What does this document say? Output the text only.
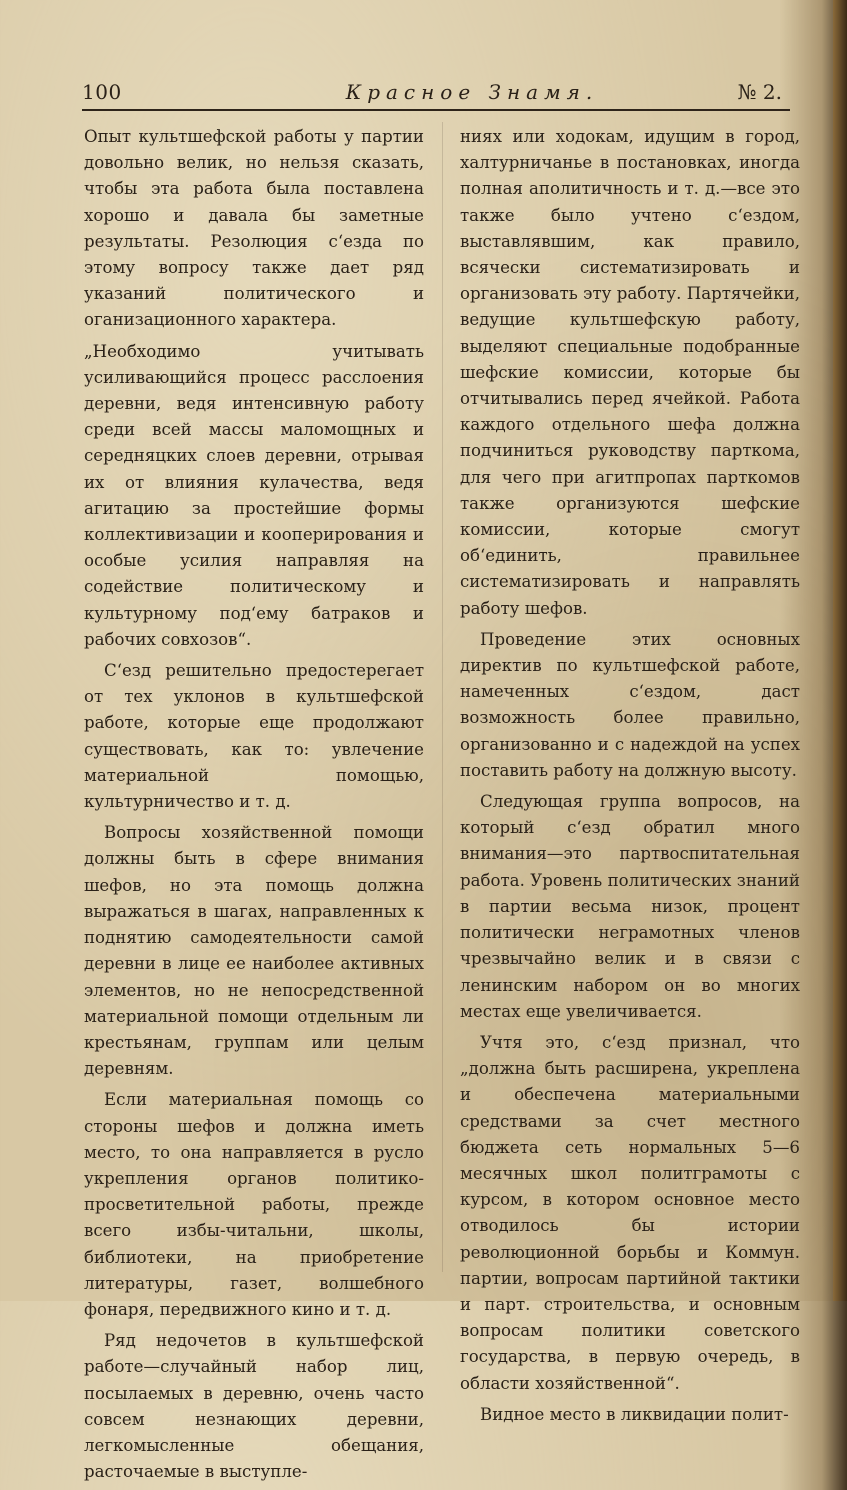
100	Красное Знамя.	№ 2.

Опыт культшефской работы у партии довольно велик, но нельзя сказать, чтобы эта работа была поставлена хорошо и давала бы заметные результаты. Резолюция с‘езда по этому вопросу также дает ряд указаний политического и оганизационного характера.

„Необходимо учитывать усиливающийся процесс расслоения деревни, ведя интенсивную работу среди всей массы маломощных и середняцких слоев деревни, отрывая их от влияния кулачества, ведя агитацию за простейшие формы коллективизации и кооперирования и особые усилия направляя на содействие политическому и культурному под‘ему батраков и рабочих совхозов“.

С‘езд решительно предостерегает от тех уклонов в культшефской работе, которые еще продолжают существовать, как то: увлечение материальной помощью, культурничество и т. д.

Вопросы хозяйственной помощи должны быть в сфере внимания шефов, но эта помощь должна выражаться в шагах, направленных к поднятию самодеятельности самой деревни в лице ее наиболее активных элементов, но не непосредственной материальной помощи отдельным ли крестьянам, группам или целым деревням.

Если материальная помощь со стороны шефов и должна иметь место, то она направляется в русло укрепления органов политико-просветительной работы, прежде всего избы-читальни, школы, библиотеки, на приобретение литературы, газет, волшебного фонаря, передвижного кино и т. д.

Ряд недочетов в культшефской работе—случайный набор лиц, посылаемых в деревню, очень часто совсем незнающих деревни, легкомысленные обещания, расточаемые в выступле-

ниях или ходокам, идущим в город, халтурничанье в постановках, иногда полная аполитичность и т. д.—все это также было учтено с‘ездом, выставлявшим, как правило, всячески систематизировать и организовать эту работу. Партячейки, ведущие культшефскую работу, выделяют специальные подобранные шефские комиссии, которые бы отчитывались перед ячейкой. Работа каждого отдельного шефа должна подчиниться руководству парткома, для чего при агитпропах парткомов также организуются шефские комиссии, которые смогут об‘единить, правильнее систематизировать и направлять работу шефов.

Проведение этих основных директив по культшефской работе, намеченных с‘ездом, даст возможность более правильно, организованно и с надеждой на успех поставить работу на должную высоту.

Следующая группа вопросов, на который с‘езд обратил много внимания—это партвоспитательная работа. Уровень политических знаний в партии весьма низок, процент политически неграмотных членов чрезвычайно велик и в связи с ленинским набором он во многих местах еще увеличивается.

Учтя это, с‘езд признал, что „должна быть расширена, укреплена и обеспечена материальными средствами за счет местного бюджета сеть нормальных 5—6 месячных школ политграмоты с курсом, в котором основное место отводилось бы истории революционной борьбы и Коммун. партии, вопросам партийной тактики и парт. строительства, и основным вопросам политики советского государства, в первую очередь, в области хозяйственной“.

Видное место в ликвидации полит-
